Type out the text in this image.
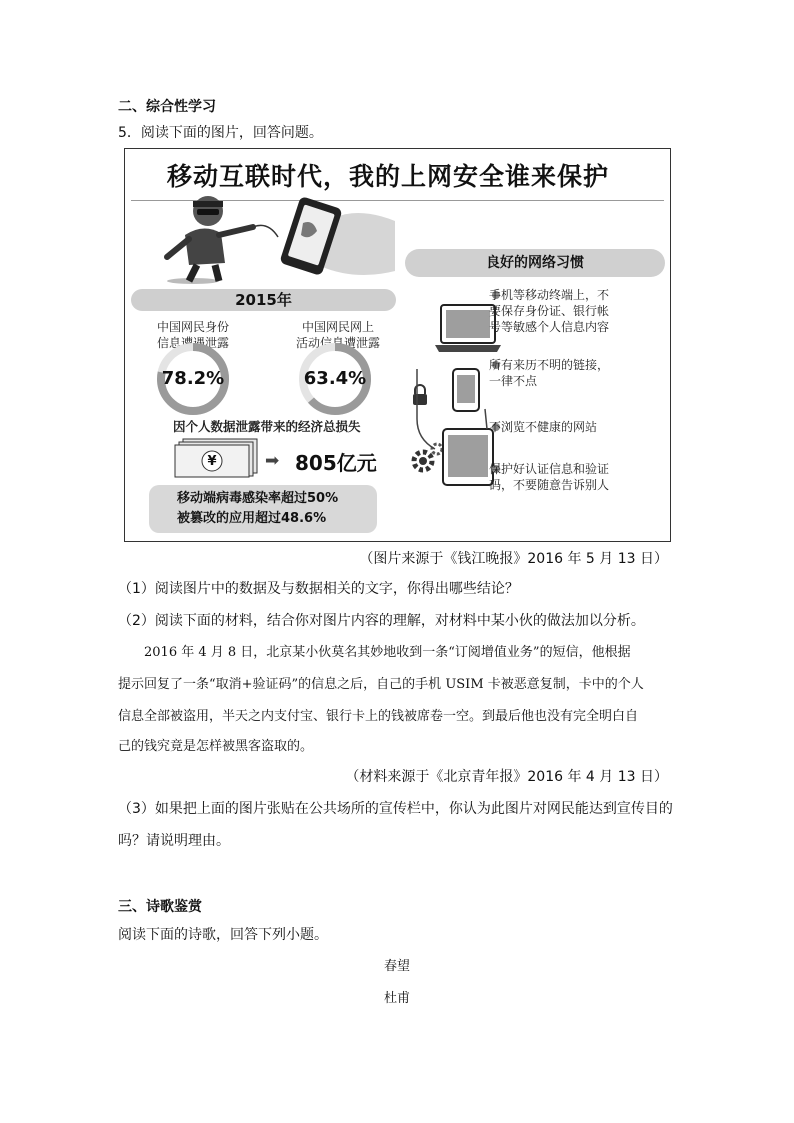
二、综合性学习
5．阅读下面的图片，回答问题。
移动互联时代，我的上网安全谁来保护
2015年
中国网民身份
信息遭遇泄露
78.2%
中国网民网上
活动信息遭泄露
63.4%
因个人数据泄露带来的经济总损失
¥	➡ 805亿元
移动端病毒感染率超过50%
被篡改的应用超过48.6%
良好的网络习惯
手机等移动终端上，不
要保存身份证、银行帐
号等敏感个人信息内容
所有来历不明的链接，
一律不点
不浏览不健康的网站
保护好认证信息和验证
码，不要随意告诉别人
（图片来源于《钱江晚报》2016 年 5 月 13 日）
（1）阅读图片中的数据及与数据相关的文字，你得出哪些结论？
（2）阅读下面的材料，结合你对图片内容的理解，对材料中某小伙的做法加以分析。
2016 年 4 月 8 日，北京某小伙莫名其妙地收到一条“订阅增值业务”的短信，他根据
提示回复了一条“取消+验证码”的信息之后，自己的手机 USIM 卡被恶意复制，卡中的个人
信息全部被盗用，半天之内支付宝、银行卡上的钱被席卷一空。到最后他也没有完全明白自
己的钱究竟是怎样被黑客盗取的。
（材料来源于《北京青年报》2016 年 4 月 13 日）
（3）如果把上面的图片张贴在公共场所的宣传栏中，你认为此图片对网民能达到宣传目的
吗？请说明理由。
三、诗歌鉴赏
阅读下面的诗歌，回答下列小题。
春望
杜甫
